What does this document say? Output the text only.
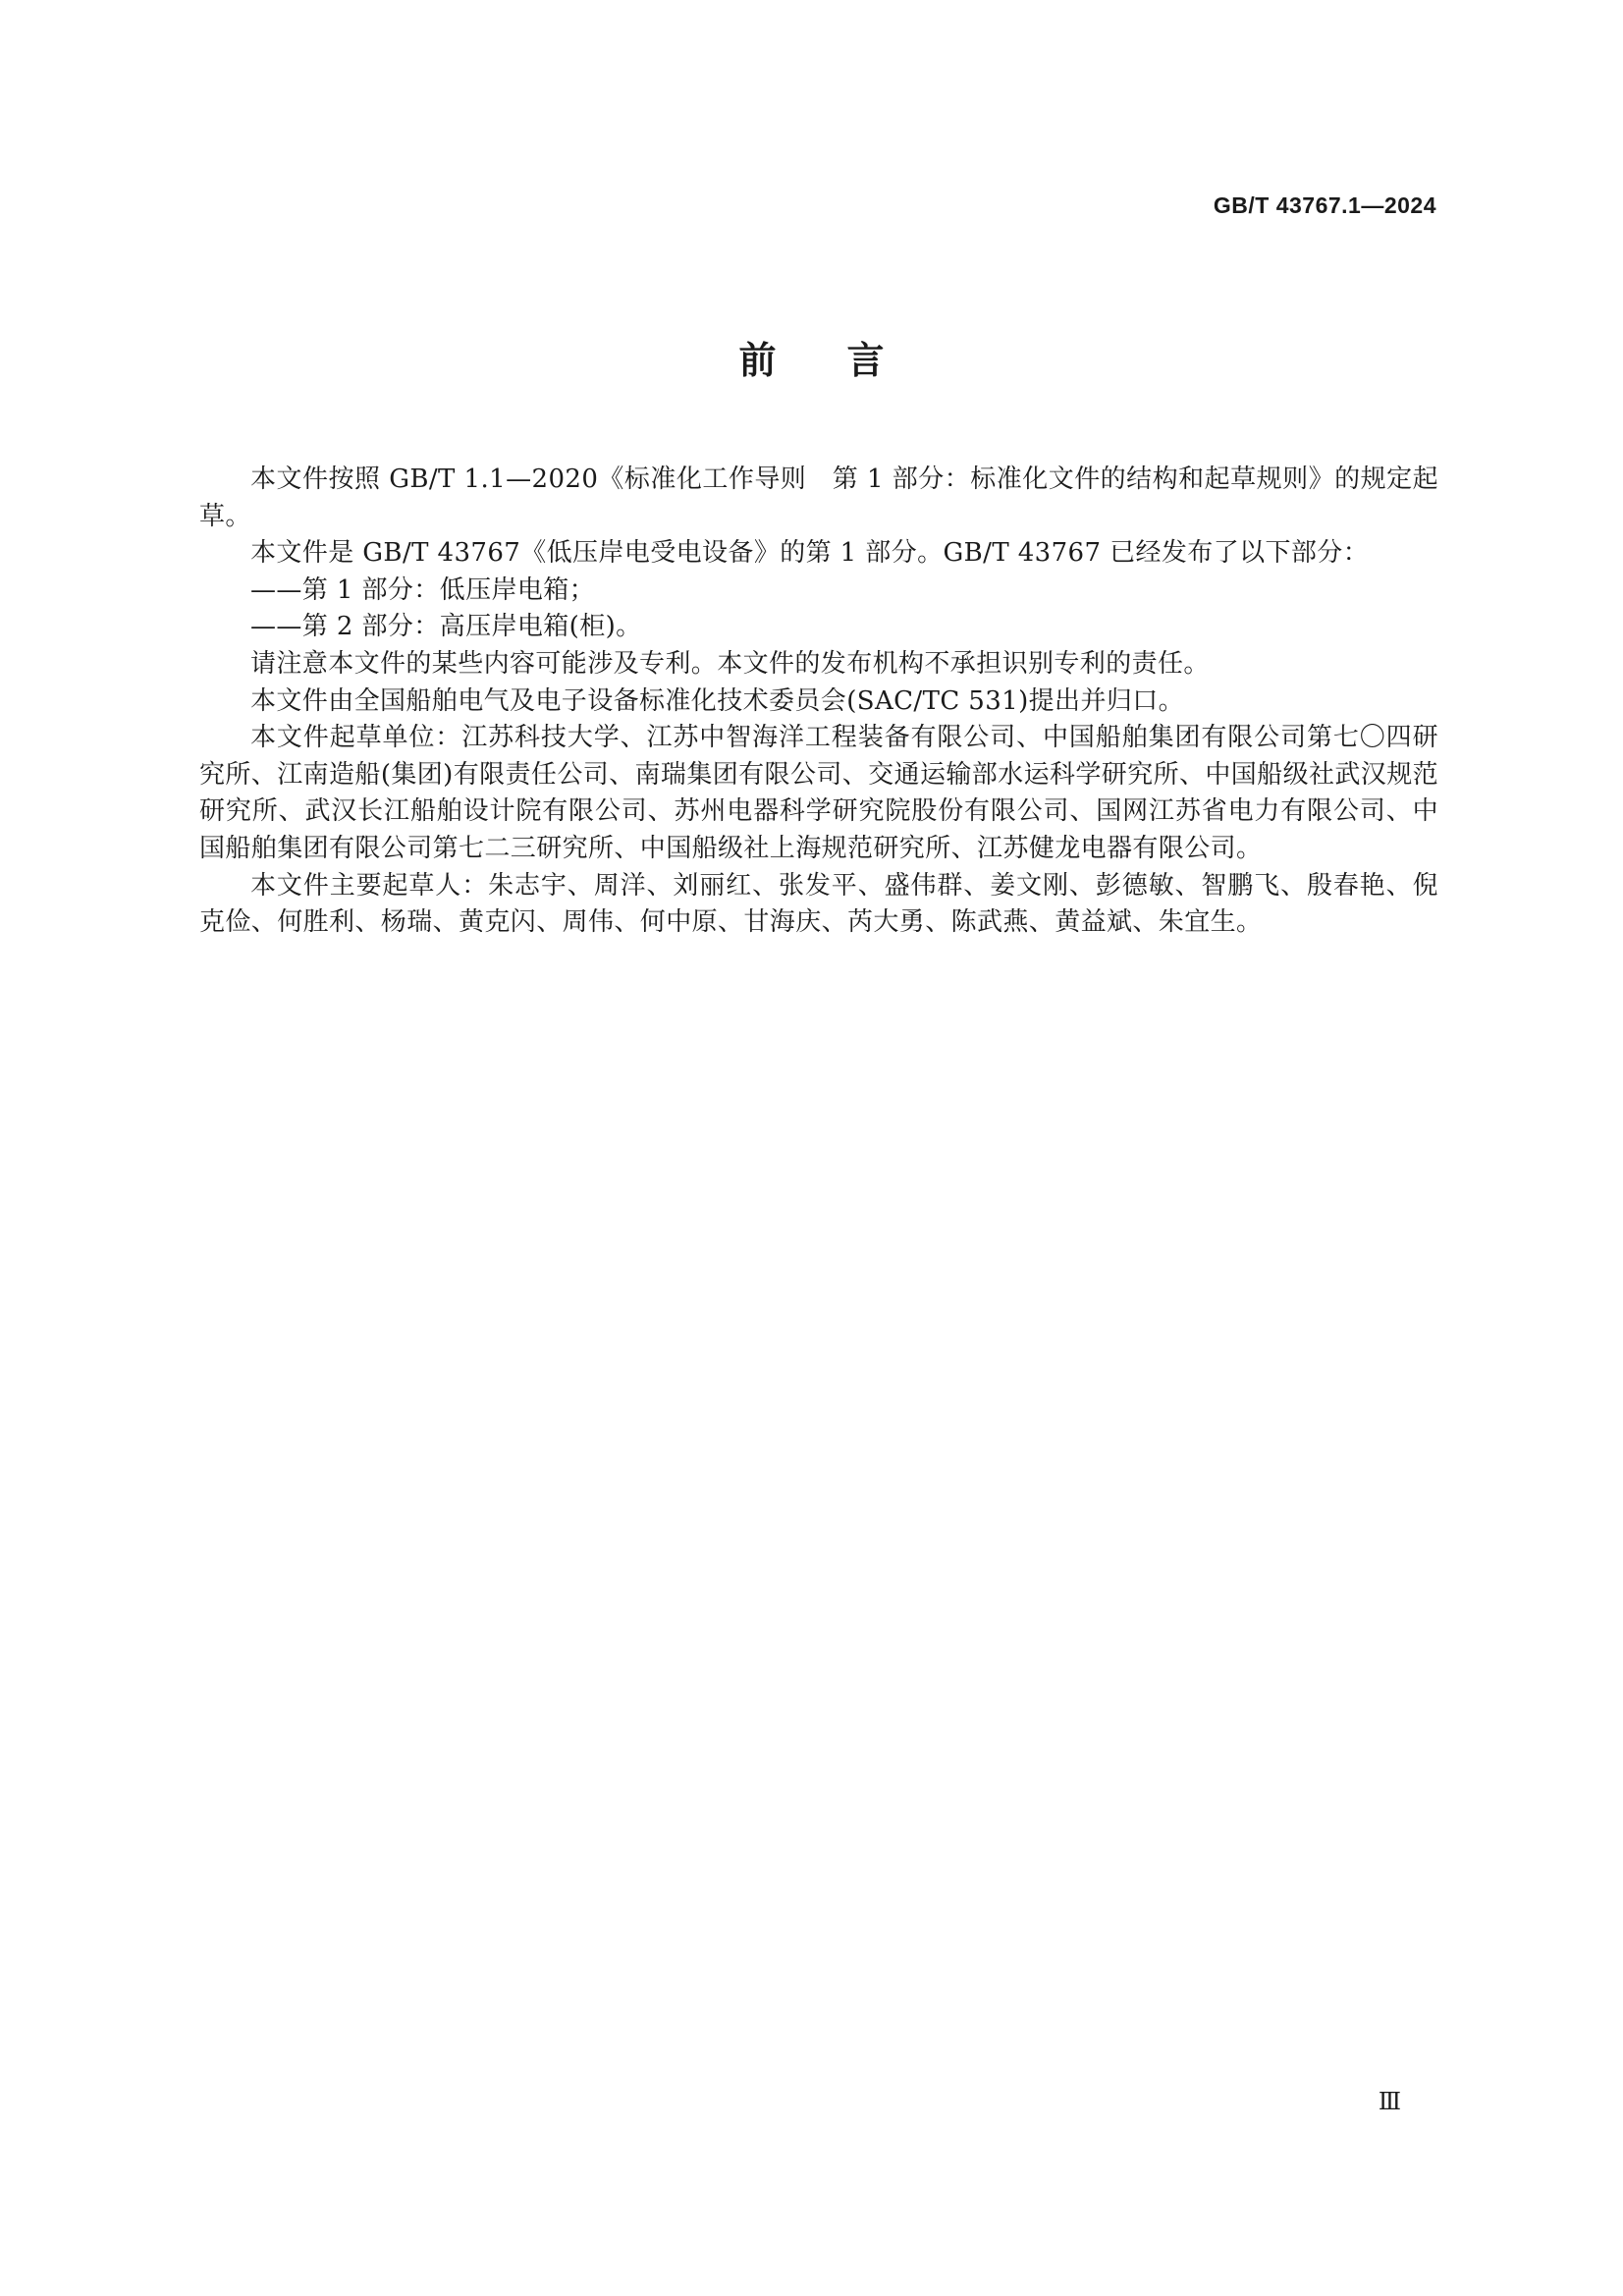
GB/T 43767.1—2024
前言

本文件按照 GB/T 1.1—2020《标准化工作导则　第 1 部分：标准化文件的结构和起草规则》的规定起草。

本文件是 GB/T 43767《低压岸电受电设备》的第 1 部分。GB/T 43767 已经发布了以下部分：

——第 1 部分：低压岸电箱；

——第 2 部分：高压岸电箱(柜)。

请注意本文件的某些内容可能涉及专利。本文件的发布机构不承担识别专利的责任。

本文件由全国船舶电气及电子设备标准化技术委员会(SAC/TC 531)提出并归口。

本文件起草单位：江苏科技大学、江苏中智海洋工程装备有限公司、中国船舶集团有限公司第七〇四研究所、江南造船(集团)有限责任公司、南瑞集团有限公司、交通运输部水运科学研究所、中国船级社武汉规范研究所、武汉长江船舶设计院有限公司、苏州电器科学研究院股份有限公司、国网江苏省电力有限公司、中国船舶集团有限公司第七二三研究所、中国船级社上海规范研究所、江苏健龙电器有限公司。

本文件主要起草人：朱志宇、周洋、刘丽红、张发平、盛伟群、姜文刚、彭德敏、智鹏飞、殷春艳、倪克俭、何胜利、杨瑞、黄克闪、周伟、何中原、甘海庆、芮大勇、陈武燕、黄益斌、朱宜生。

Ⅲ
